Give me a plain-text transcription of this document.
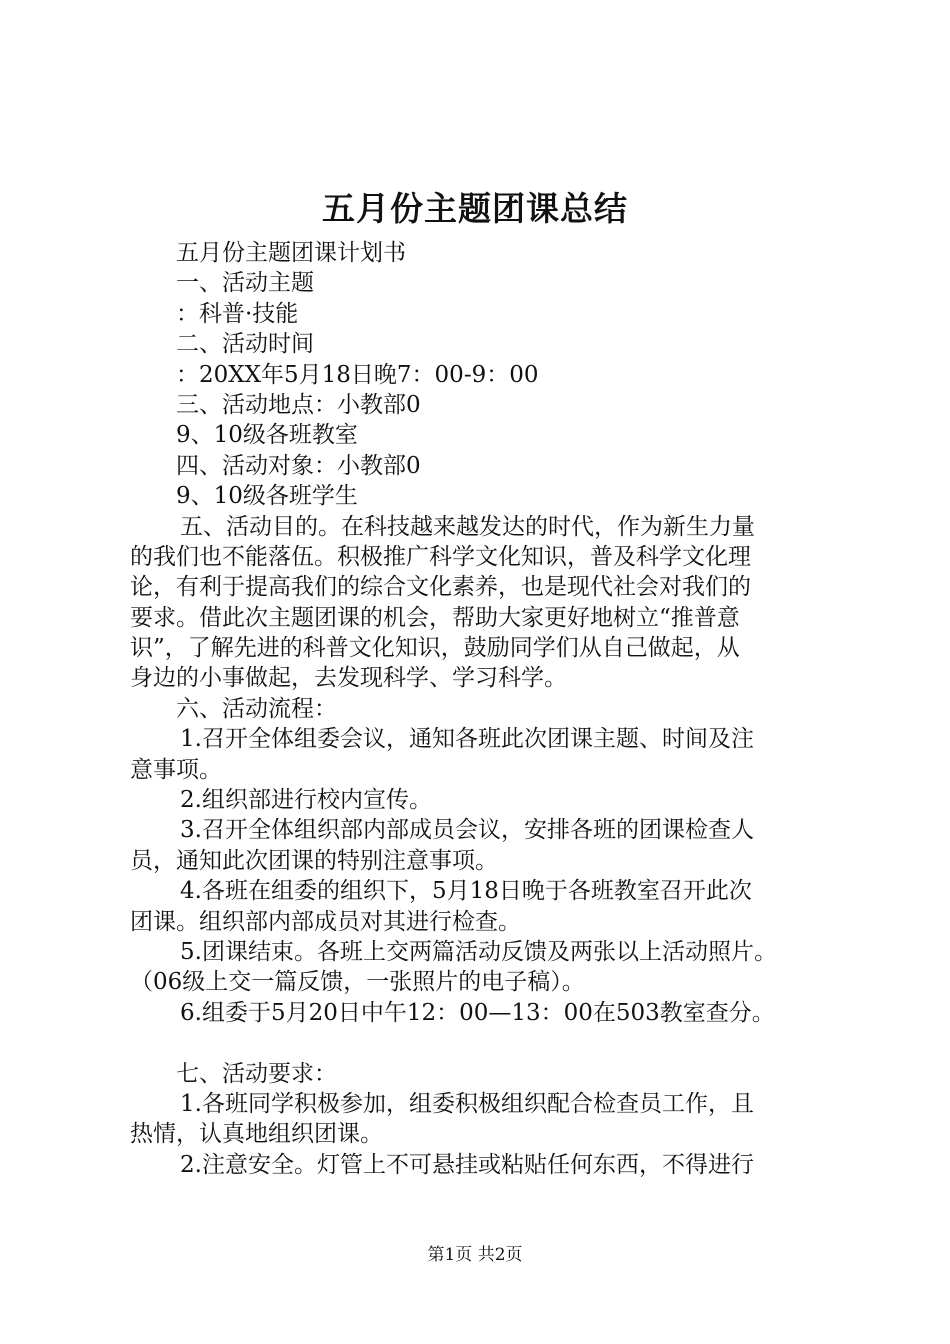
五月份主题团课总结
五月份主题团课计划书
一、活动主题
：科普·技能
二、活动时间
：20XX年5月18日晚7：00-9：00
三、活动地点：小教部0
9、10级各班教室
四、活动对象：小教部0
9、10级各班学生
五、活动目的。在科技越来越发达的时代，作为新生力量
的我们也不能落伍。积极推广科学文化知识，普及科学文化理
论，有利于提高我们的综合文化素养，也是现代社会对我们的
要求。借此次主题团课的机会，帮助大家更好地树立“推普意
识”，了解先进的科普文化知识，鼓励同学们从自己做起，从
身边的小事做起，去发现科学、学习科学。
六、活动流程：
1.召开全体组委会议，通知各班此次团课主题、时间及注
意事项。
2.组织部进行校内宣传。
3.召开全体组织部内部成员会议，安排各班的团课检查人
员，通知此次团课的特别注意事项。
4.各班在组委的组织下，5月18日晚于各班教室召开此次
团课。组织部内部成员对其进行检查。
5.团课结束。各班上交两篇活动反馈及两张以上活动照片。
（06级上交一篇反馈，一张照片的电子稿）。
6.组委于5月20日中午12：00—13：00在503教室查分。
七、活动要求：
1.各班同学积极参加，组委积极组织配合检查员工作，且
热情，认真地组织团课。
2.注意安全。灯管上不可悬挂或粘贴任何东西，不得进行
第1页 共2页
